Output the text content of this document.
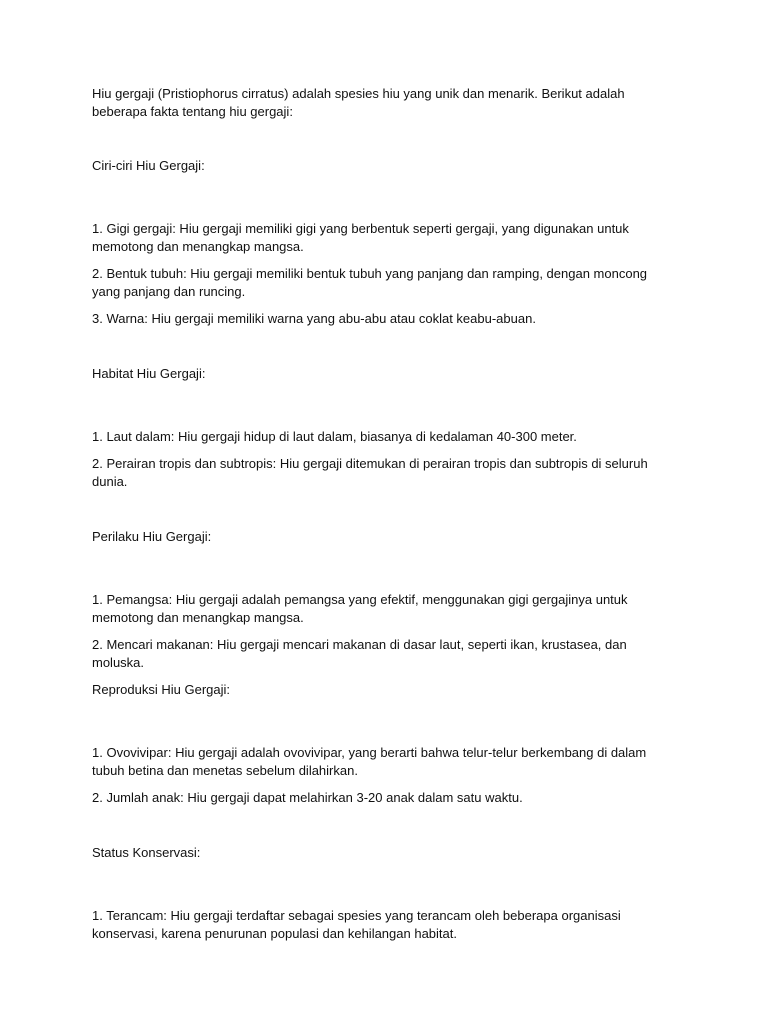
Hiu gergaji (Pristiophorus cirratus) adalah spesies hiu yang unik dan menarik. Berikut adalah beberapa fakta tentang hiu gergaji:

Ciri-ciri Hiu Gergaji:

1. Gigi gergaji: Hiu gergaji memiliki gigi yang berbentuk seperti gergaji, yang digunakan untuk memotong dan menangkap mangsa.

2. Bentuk tubuh: Hiu gergaji memiliki bentuk tubuh yang panjang dan ramping, dengan moncong yang panjang dan runcing.

3. Warna: Hiu gergaji memiliki warna yang abu-abu atau coklat keabu-abuan.

Habitat Hiu Gergaji:

1. Laut dalam: Hiu gergaji hidup di laut dalam, biasanya di kedalaman 40-300 meter.

2. Perairan tropis dan subtropis: Hiu gergaji ditemukan di perairan tropis dan subtropis di seluruh dunia.

Perilaku Hiu Gergaji:

1. Pemangsa: Hiu gergaji adalah pemangsa yang efektif, menggunakan gigi gergajinya untuk memotong dan menangkap mangsa.

2. Mencari makanan: Hiu gergaji mencari makanan di dasar laut, seperti ikan, krustasea, dan moluska.

Reproduksi Hiu Gergaji:

1. Ovovivipar: Hiu gergaji adalah ovovivipar, yang berarti bahwa telur-telur berkembang di dalam tubuh betina dan menetas sebelum dilahirkan.

2. Jumlah anak: Hiu gergaji dapat melahirkan 3-20 anak dalam satu waktu.

Status Konservasi:

1. Terancam: Hiu gergaji terdaftar sebagai spesies yang terancam oleh beberapa organisasi konservasi, karena penurunan populasi dan kehilangan habitat.
